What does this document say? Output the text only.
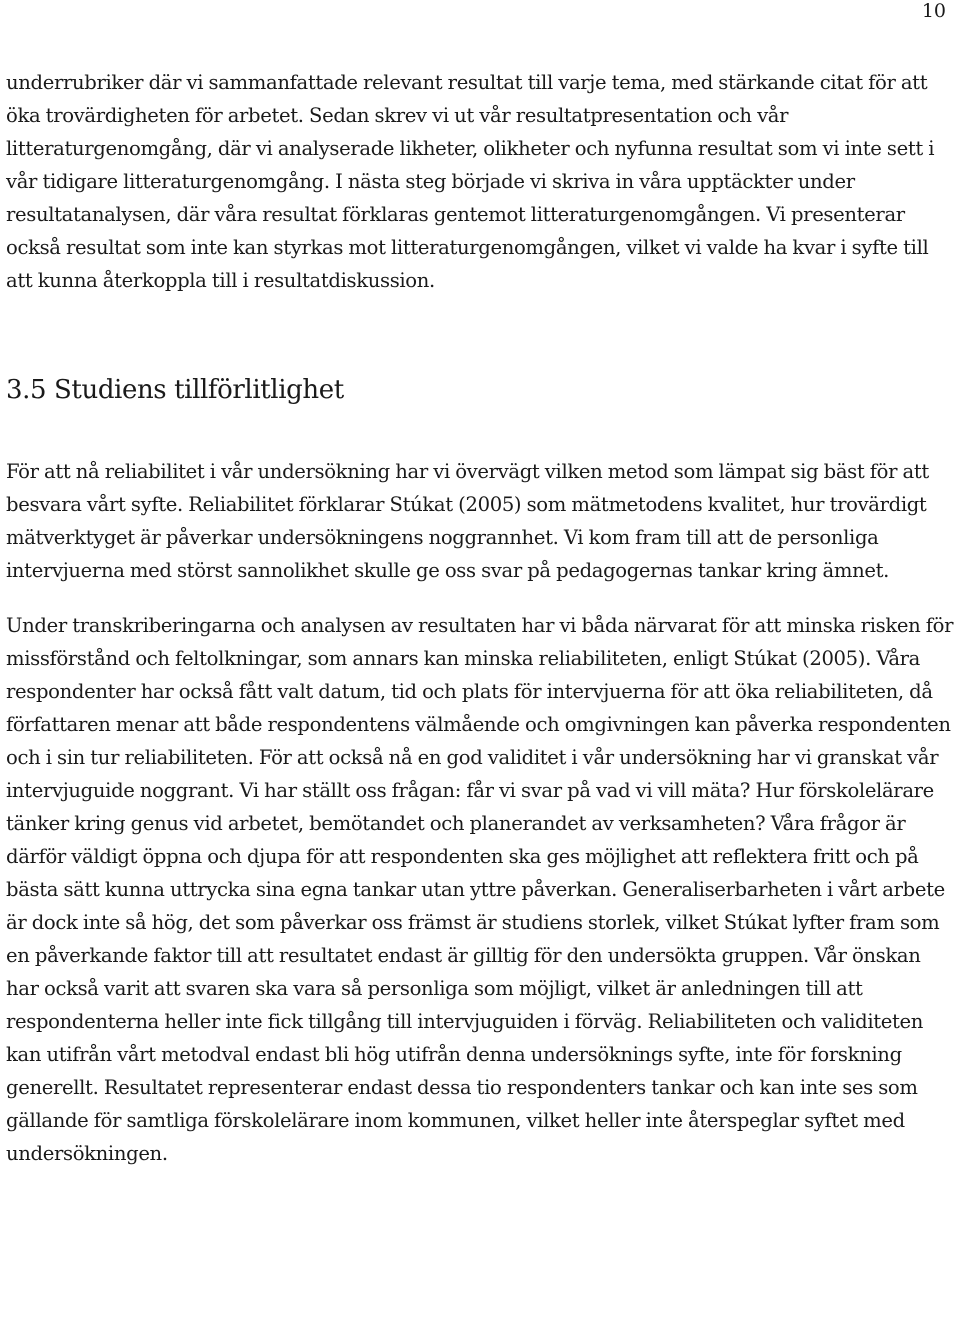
10

underrubriker där vi sammanfattade relevant resultat till varje tema, med stärkande citat för att öka trovärdigheten för arbetet. Sedan skrev vi ut vår resultatpresentation och vår litteraturgenomgång, där vi analyserade likheter, olikheter och nyfunna resultat som vi inte sett i vår tidigare litteraturgenomgång. I nästa steg började vi skriva in våra upptäckter under resultatanalysen, där våra resultat förklaras gentemot litteraturgenomgången. Vi presenterar också resultat som inte kan styrkas mot litteraturgenomgången, vilket vi valde ha kvar i syfte till att kunna återkoppla till i resultatdiskussion.

3.5 Studiens tillförlitlighet

För att nå reliabilitet i vår undersökning har vi övervägt vilken metod som lämpat sig bäst för att besvara vårt syfte. Reliabilitet förklarar Stúkat (2005) som mätmetodens kvalitet, hur trovärdigt mätverktyget är påverkar undersökningens noggrannhet. Vi kom fram till att de personliga intervjuerna med störst sannolikhet skulle ge oss svar på pedagogernas tankar kring ämnet.

Under transkriberingarna och analysen av resultaten har vi båda närvarat för att minska risken för missförstånd och feltolkningar, som annars kan minska reliabiliteten, enligt Stúkat (2005). Våra respondenter har också fått valt datum, tid och plats för intervjuerna för att öka reliabiliteten, då författaren menar att både respondentens välmående och omgivningen kan påverka respondenten och i sin tur reliabiliteten. För att också nå en god validitet i vår undersökning har vi granskat vår intervjuguide noggrant. Vi har ställt oss frågan: får vi svar på vad vi vill mäta? Hur förskolelärare tänker kring genus vid arbetet, bemötandet och planerandet av verksamheten? Våra frågor är därför väldigt öppna och djupa för att respondenten ska ges möjlighet att reflektera fritt och på bästa sätt kunna uttrycka sina egna tankar utan yttre påverkan. Generaliserbarheten i vårt arbete är dock inte så hög, det som påverkar oss främst är studiens storlek, vilket Stúkat lyfter fram som en påverkande faktor till att resultatet endast är gilltig för den undersökta gruppen. Vår önskan har också varit att svaren ska vara så personliga som möjligt, vilket är anledningen till att respondenterna heller inte fick tillgång till intervjuguiden i förväg. Reliabiliteten och validiteten kan utifrån vårt metodval endast bli hög utifrån denna undersöknings syfte, inte för forskning generellt. Resultatet representerar endast dessa tio respondenters tankar och kan inte ses som gällande för samtliga förskolelärare inom kommunen, vilket heller inte återspeglar syftet med undersökningen.
